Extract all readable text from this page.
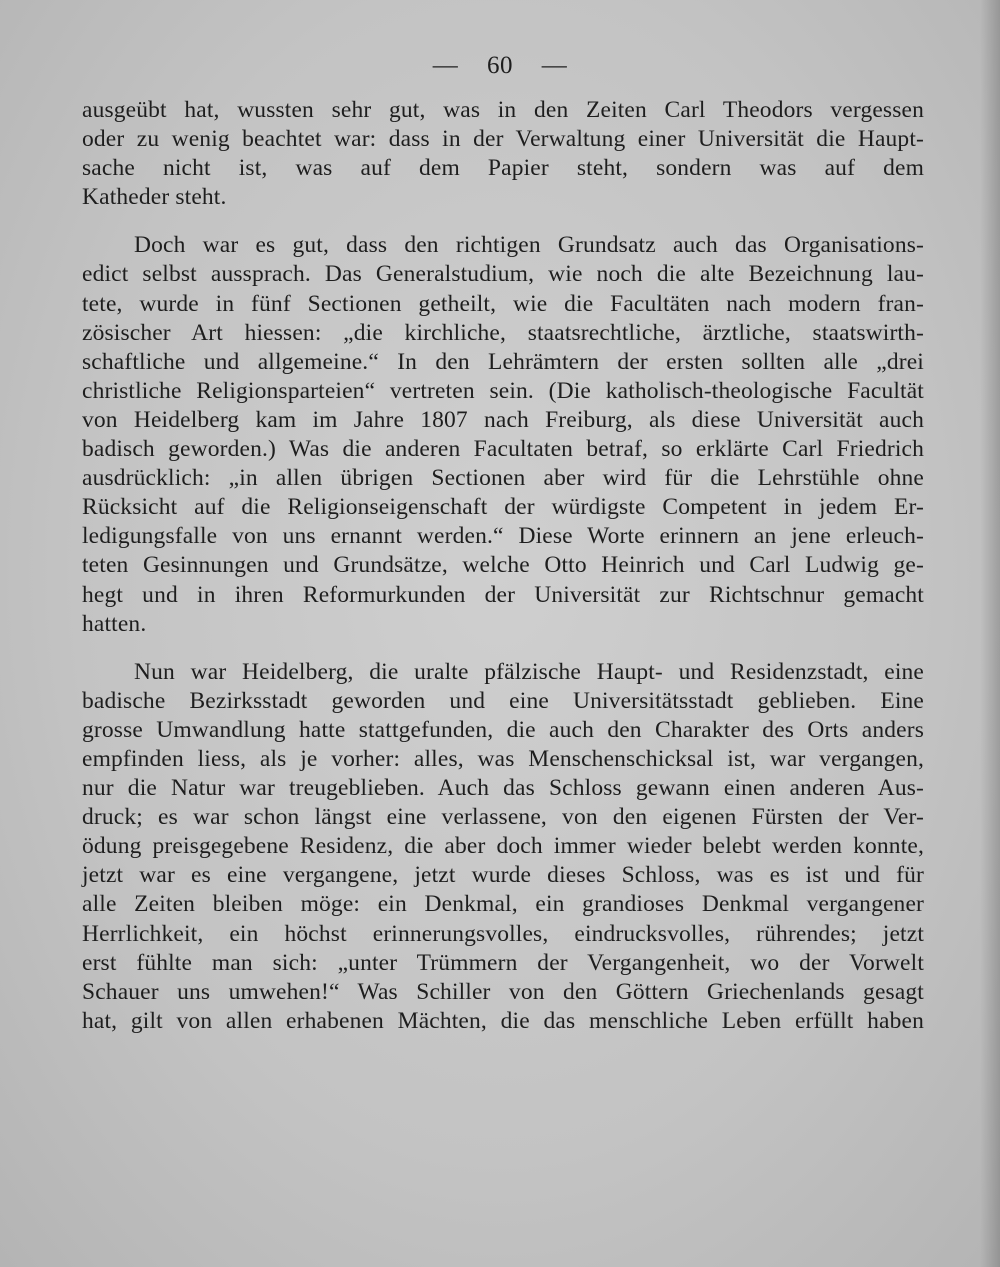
— 60 —

ausgeübt hat, wussten sehr gut, was in den Zeiten Carl Theodors vergessen
oder zu wenig beachtet war: dass in der Verwaltung einer Universität die Haupt-
sache nicht ist, was auf dem Papier steht, sondern was auf dem
Katheder steht.

Doch war es gut, dass den richtigen Grundsatz auch das Organisations-
edict selbst aussprach. Das Generalstudium, wie noch die alte Bezeichnung lau-
tete, wurde in fünf Sectionen getheilt, wie die Facultäten nach modern fran-
zösischer Art hiessen: „die kirchliche, staatsrechtliche, ärztliche, staatswirth-
schaftliche und allgemeine.“ In den Lehrämtern der ersten sollten alle „drei
christliche Religionsparteien“ vertreten sein. (Die katholisch-theologische Facultät
von Heidelberg kam im Jahre 1807 nach Freiburg, als diese Universität auch
badisch geworden.) Was die anderen Facultaten betraf, so erklärte Carl Friedrich
ausdrücklich: „in allen übrigen Sectionen aber wird für die Lehrstühle ohne
Rücksicht auf die Religionseigenschaft der würdigste Competent in jedem Er-
ledigungsfalle von uns ernannt werden.“ Diese Worte erinnern an jene erleuch-
teten Gesinnungen und Grundsätze, welche Otto Heinrich und Carl Ludwig ge-
hegt und in ihren Reformurkunden der Universität zur Richtschnur gemacht
hatten.

Nun war Heidelberg, die uralte pfälzische Haupt- und Residenzstadt, eine
badische Bezirksstadt geworden und eine Universitätsstadt geblieben. Eine
grosse Umwandlung hatte stattgefunden, die auch den Charakter des Orts anders
empfinden liess, als je vorher: alles, was Menschenschicksal ist, war vergangen,
nur die Natur war treugeblieben. Auch das Schloss gewann einen anderen Aus-
druck; es war schon längst eine verlassene, von den eigenen Fürsten der Ver-
ödung preisgegebene Residenz, die aber doch immer wieder belebt werden konnte,
jetzt war es eine vergangene, jetzt wurde dieses Schloss, was es ist und für
alle Zeiten bleiben möge: ein Denkmal, ein grandioses Denkmal vergangener
Herrlichkeit, ein höchst erinnerungsvolles, eindrucksvolles, rührendes; jetzt
erst fühlte man sich: „unter Trümmern der Vergangenheit, wo der Vorwelt
Schauer uns umwehen!“ Was Schiller von den Göttern Griechenlands gesagt
hat, gilt von allen erhabenen Mächten, die das menschliche Leben erfüllt haben
